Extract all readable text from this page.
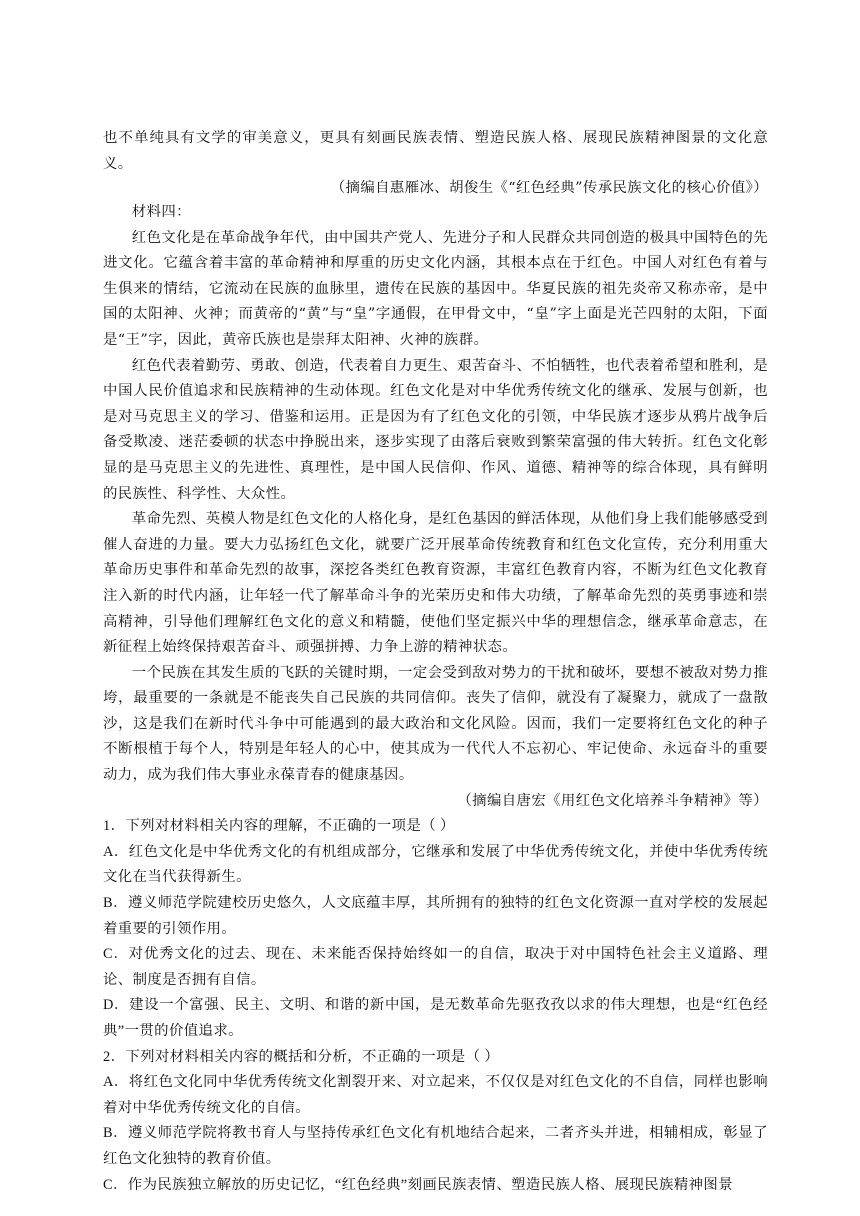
也不单纯具有文学的审美意义，更具有刻画民族表情、塑造民族人格、展现民族精神图景的文化意义。

（摘编自惠雁冰、胡俊生《“红色经典”传承民族文化的核心价值》）

材料四：

红色文化是在革命战争年代，由中国共产党人、先进分子和人民群众共同创造的极具中国特色的先进文化。它蕴含着丰富的革命精神和厚重的历史文化内涵，其根本点在于红色。中国人对红色有着与生俱来的情结，它流动在民族的血脉里，遗传在民族的基因中。华夏民族的祖先炎帝又称赤帝，是中国的太阳神、火神；而黄帝的“黄”与“皇”字通假，在甲骨文中，“皇”字上面是光芒四射的太阳，下面是“王”字，因此，黄帝氏族也是崇拜太阳神、火神的族群。

红色代表着勤劳、勇敢、创造，代表着自力更生、艰苦奋斗、不怕牺牲，也代表着希望和胜利，是中国人民价值追求和民族精神的生动体现。红色文化是对中华优秀传统文化的继承、发展与创新，也是对马克思主义的学习、借鉴和运用。正是因为有了红色文化的引领，中华民族才逐步从鸦片战争后备受欺凌、迷茫委顿的状态中挣脱出来，逐步实现了由落后衰败到繁荣富强的伟大转折。红色文化彰显的是马克思主义的先进性、真理性，是中国人民信仰、作风、道德、精神等的综合体现，具有鲜明的民族性、科学性、大众性。

革命先烈、英模人物是红色文化的人格化身，是红色基因的鲜活体现，从他们身上我们能够感受到催人奋进的力量。要大力弘扬红色文化，就要广泛开展革命传统教育和红色文化宣传，充分利用重大革命历史事件和革命先烈的故事，深挖各类红色教育资源，丰富红色教育内容，不断为红色文化教育注入新的时代内涵，让年轻一代了解革命斗争的光荣历史和伟大功绩，了解革命先烈的英勇事迹和崇高精神，引导他们理解红色文化的意义和精髓，使他们坚定振兴中华的理想信念，继承革命意志，在新征程上始终保持艰苦奋斗、顽强拼搏、力争上游的精神状态。

一个民族在其发生质的飞跃的关键时期，一定会受到敌对势力的干扰和破坏，要想不被敌对势力推垮，最重要的一条就是不能丧失自己民族的共同信仰。丧失了信仰，就没有了凝聚力，就成了一盘散沙，这是我们在新时代斗争中可能遇到的最大政治和文化风险。因而，我们一定要将红色文化的种子不断根植于每个人，特别是年轻人的心中，使其成为一代代人不忘初心、牢记使命、永远奋斗的重要动力，成为我们伟大事业永葆青春的健康基因。

（摘编自唐宏《用红色文化培养斗争精神》等）

1．下列对材料相关内容的理解，不正确的一项是（ ）

A．红色文化是中华优秀文化的有机组成部分，它继承和发展了中华优秀传统文化，并使中华优秀传统文化在当代获得新生。

B．遵义师范学院建校历史悠久，人文底蕴丰厚，其所拥有的独特的红色文化资源一直对学校的发展起着重要的引领作用。

C．对优秀文化的过去、现在、未来能否保持始终如一的自信，取决于对中国特色社会主义道路、理论、制度是否拥有自信。

D．建设一个富强、民主、文明、和谐的新中国，是无数革命先驱孜孜以求的伟大理想，也是“红色经典”一贯的价值追求。

2．下列对材料相关内容的概括和分析，不正确的一项是（ ）

A．将红色文化同中华优秀传统文化割裂开来、对立起来，不仅仅是对红色文化的不自信，同样也影响着对中华优秀传统文化的自信。

B．遵义师范学院将教书育人与坚持传承红色文化有机地结合起来，二者齐头并进，相辅相成，彰显了红色文化独特的教育价值。

C．作为民族独立解放的历史记忆，“红色经典”刻画民族表情、塑造民族人格、展现民族精神图景
